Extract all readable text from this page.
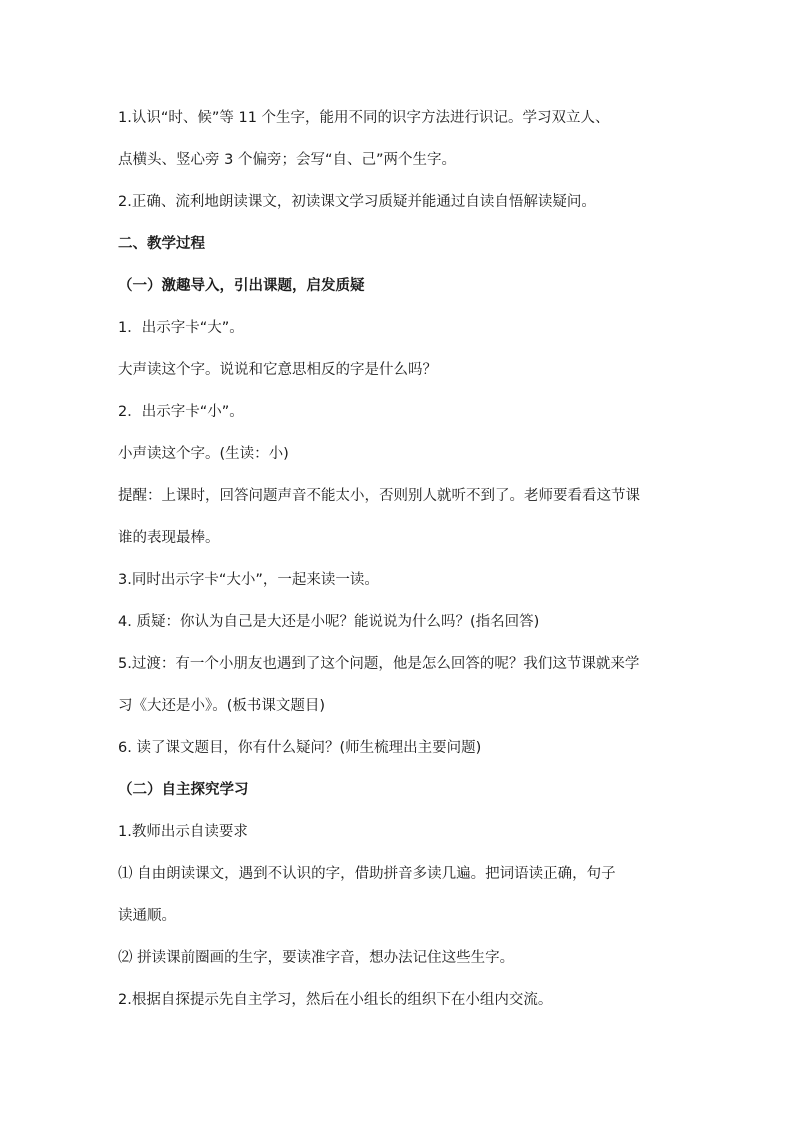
1.认识“时、候”等 11 个生字，能用不同的识字方法进行识记。学习双立人、
点横头、竖心旁 3 个偏旁；会写“自、己”两个生字。
2.正确、流利地朗读课文，初读课文学习质疑并能通过自读自悟解读疑问。
二、教学过程
（一）激趣导入，引出课题，启发质疑
1．出示字卡“大”。
大声读这个字。说说和它意思相反的字是什么吗？
2．出示字卡“小”。
小声读这个字。(生读：小)
提醒：上课时，回答问题声音不能太小，否则别人就听不到了。老师要看看这节课
谁的表现最棒。
3.同时出示字卡“大小”，一起来读一读。
4. 质疑：你认为自己是大还是小呢？能说说为什么吗？(指名回答)
5.过渡：有一个小朋友也遇到了这个问题，他是怎么回答的呢？我们这节课就来学
习《大还是小》。(板书课文题目)
6. 读了课文题目，你有什么疑问？(师生梳理出主要问题)
（二）自主探究学习
1.教师出示自读要求
⑴ 自由朗读课文，遇到不认识的字，借助拼音多读几遍。把词语读正确，句子
读通顺。
⑵ 拼读课前圈画的生字，要读准字音，想办法记住这些生字。
2.根据自探提示先自主学习，然后在小组长的组织下在小组内交流。
